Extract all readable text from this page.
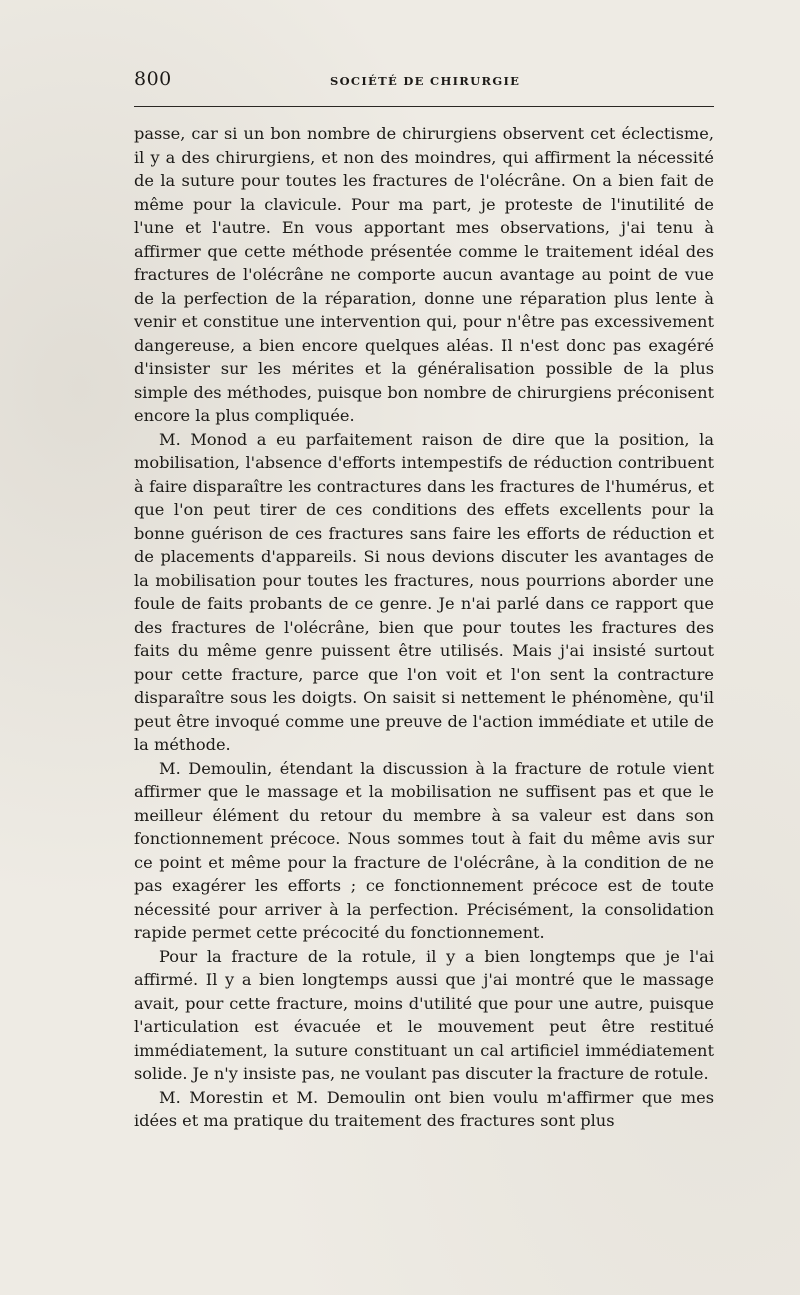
800	SOCIÉTÉ DE CHIRURGIE

passe, car si un bon nombre de chirurgiens observent cet éclectisme, il y a des chirurgiens, et non des moindres, qui affirment la nécessité de la suture pour toutes les fractures de l'olécrâne. On a bien fait de même pour la clavicule. Pour ma part, je proteste de l'inutilité de l'une et l'autre. En vous apportant mes observations, j'ai tenu à affirmer que cette méthode présentée comme le traitement idéal des fractures de l'olécrâne ne comporte aucun avantage au point de vue de la perfection de la réparation, donne une réparation plus lente à venir et constitue une intervention qui, pour n'être pas excessivement dangereuse, a bien encore quelques aléas. Il n'est donc pas exagéré d'insister sur les mérites et la généralisation possible de la plus simple des méthodes, puisque bon nombre de chirurgiens préconisent encore la plus compliquée.

M. Monod a eu parfaitement raison de dire que la position, la mobilisation, l'absence d'efforts intempestifs de réduction contribuent à faire disparaître les contractures dans les fractures de l'humérus, et que l'on peut tirer de ces conditions des effets excellents pour la bonne guérison de ces fractures sans faire les efforts de réduction et de placements d'appareils. Si nous devions discuter les avantages de la mobilisation pour toutes les fractures, nous pourrions aborder une foule de faits probants de ce genre. Je n'ai parlé dans ce rapport que des fractures de l'olécrâne, bien que pour toutes les fractures des faits du même genre puissent être utilisés. Mais j'ai insisté surtout pour cette fracture, parce que l'on voit et l'on sent la contracture disparaître sous les doigts. On saisit si nettement le phénomène, qu'il peut être invoqué comme une preuve de l'action immédiate et utile de la méthode.

M. Demoulin, étendant la discussion à la fracture de rotule vient affirmer que le massage et la mobilisation ne suffisent pas et que le meilleur élément du retour du membre à sa valeur est dans son fonctionnement précoce. Nous sommes tout à fait du même avis sur ce point et même pour la fracture de l'olécrâne, à la condition de ne pas exagérer les efforts ; ce fonctionnement précoce est de toute nécessité pour arriver à la perfection. Précisément, la consolidation rapide permet cette précocité du fonctionnement.

Pour la fracture de la rotule, il y a bien longtemps que je l'ai affirmé. Il y a bien longtemps aussi que j'ai montré que le massage avait, pour cette fracture, moins d'utilité que pour une autre, puisque l'articulation est évacuée et le mouvement peut être restitué immédiatement, la suture constituant un cal artificiel immédiatement solide. Je n'y insiste pas, ne voulant pas discuter la fracture de rotule.

M. Morestin et M. Demoulin ont bien voulu m'affirmer que mes idées et ma pratique du traitement des fractures sont plus
